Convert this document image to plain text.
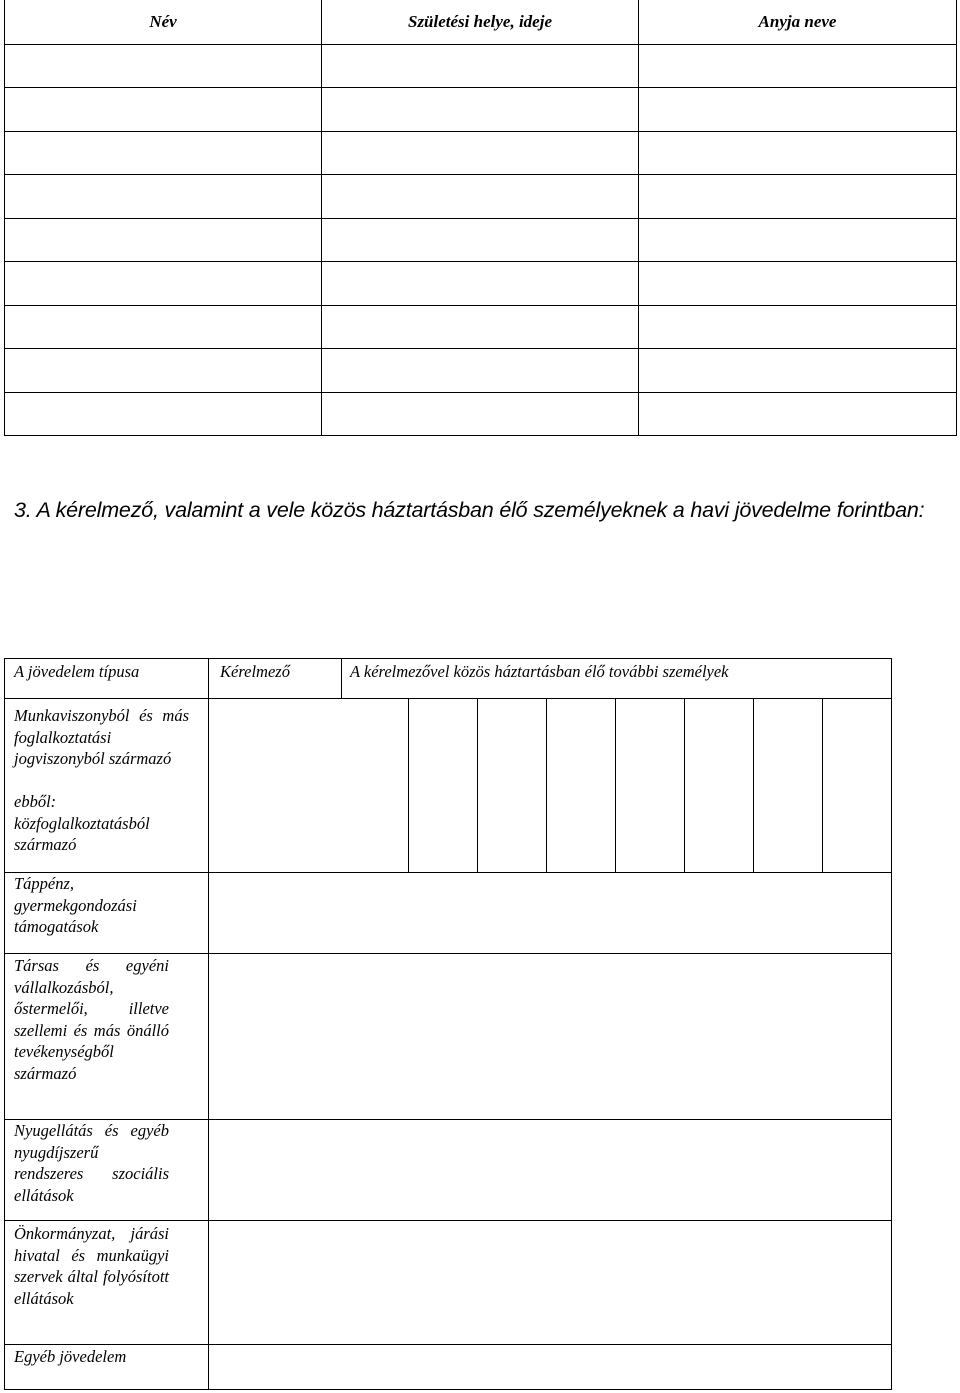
Név	Születési helye, ideje	Anyja neve

3. A kérelmező, valamint a vele közös háztartásban élő személyeknek a havi jövedelme forintban:
A jövedelem típusa	Kérelmező	A kérelmezővel közös háztartásban élő további személyek
Munkaviszonyból és más foglalkoztatási jogviszonyból származó
ebből: közfoglalkoztatásból származó
Táppénz, gyermekgondozási támogatások
Társas és egyéni vállalkozásból, őstermelői, illetve szellemi és más önálló tevékenységből származó
Nyugellátás és egyéb nyugdíjszerű rendszeres szociális ellátások
Önkormányzat, járási hivatal és munkaügyi szervek által folyósított ellátások
Egyéb jövedelem
